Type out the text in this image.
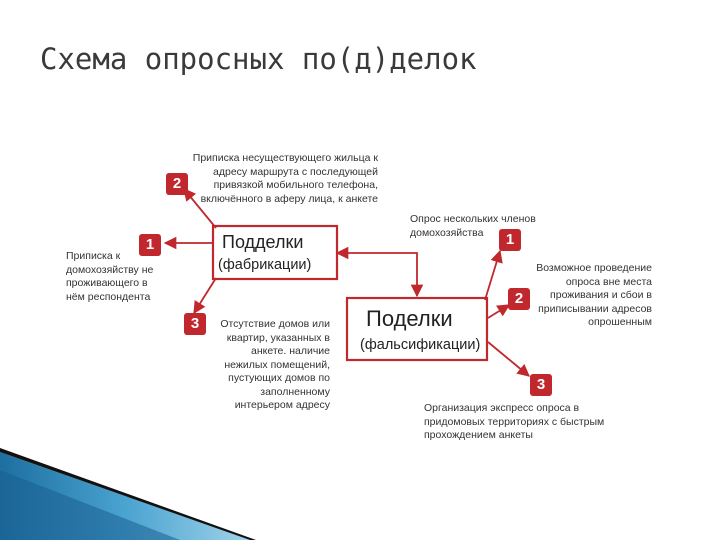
Схема опросных по(д)делок
Подделки
(фабрикации)
Поделки
(фальсификации)
1
2
3
1
2
3
Приписка к домохозяйству не проживающего в нём респондента
Приписка несуществующего жильца к адресу маршрута с последующей привязкой мобильного телефона, включённого в аферу лица, к анкете
Отсутствие домов или квартир, указанных в анкете. наличие нежилых помещений, пустующих домов по заполненному интерьером адресу
Опрос нескольких членов домохозяйства
Возможное проведение опроса вне места проживания и сбои в приписывании адресов опрошенным
Организация экспресс опроса в придомовых территориях с быстрым прохождением анкеты
